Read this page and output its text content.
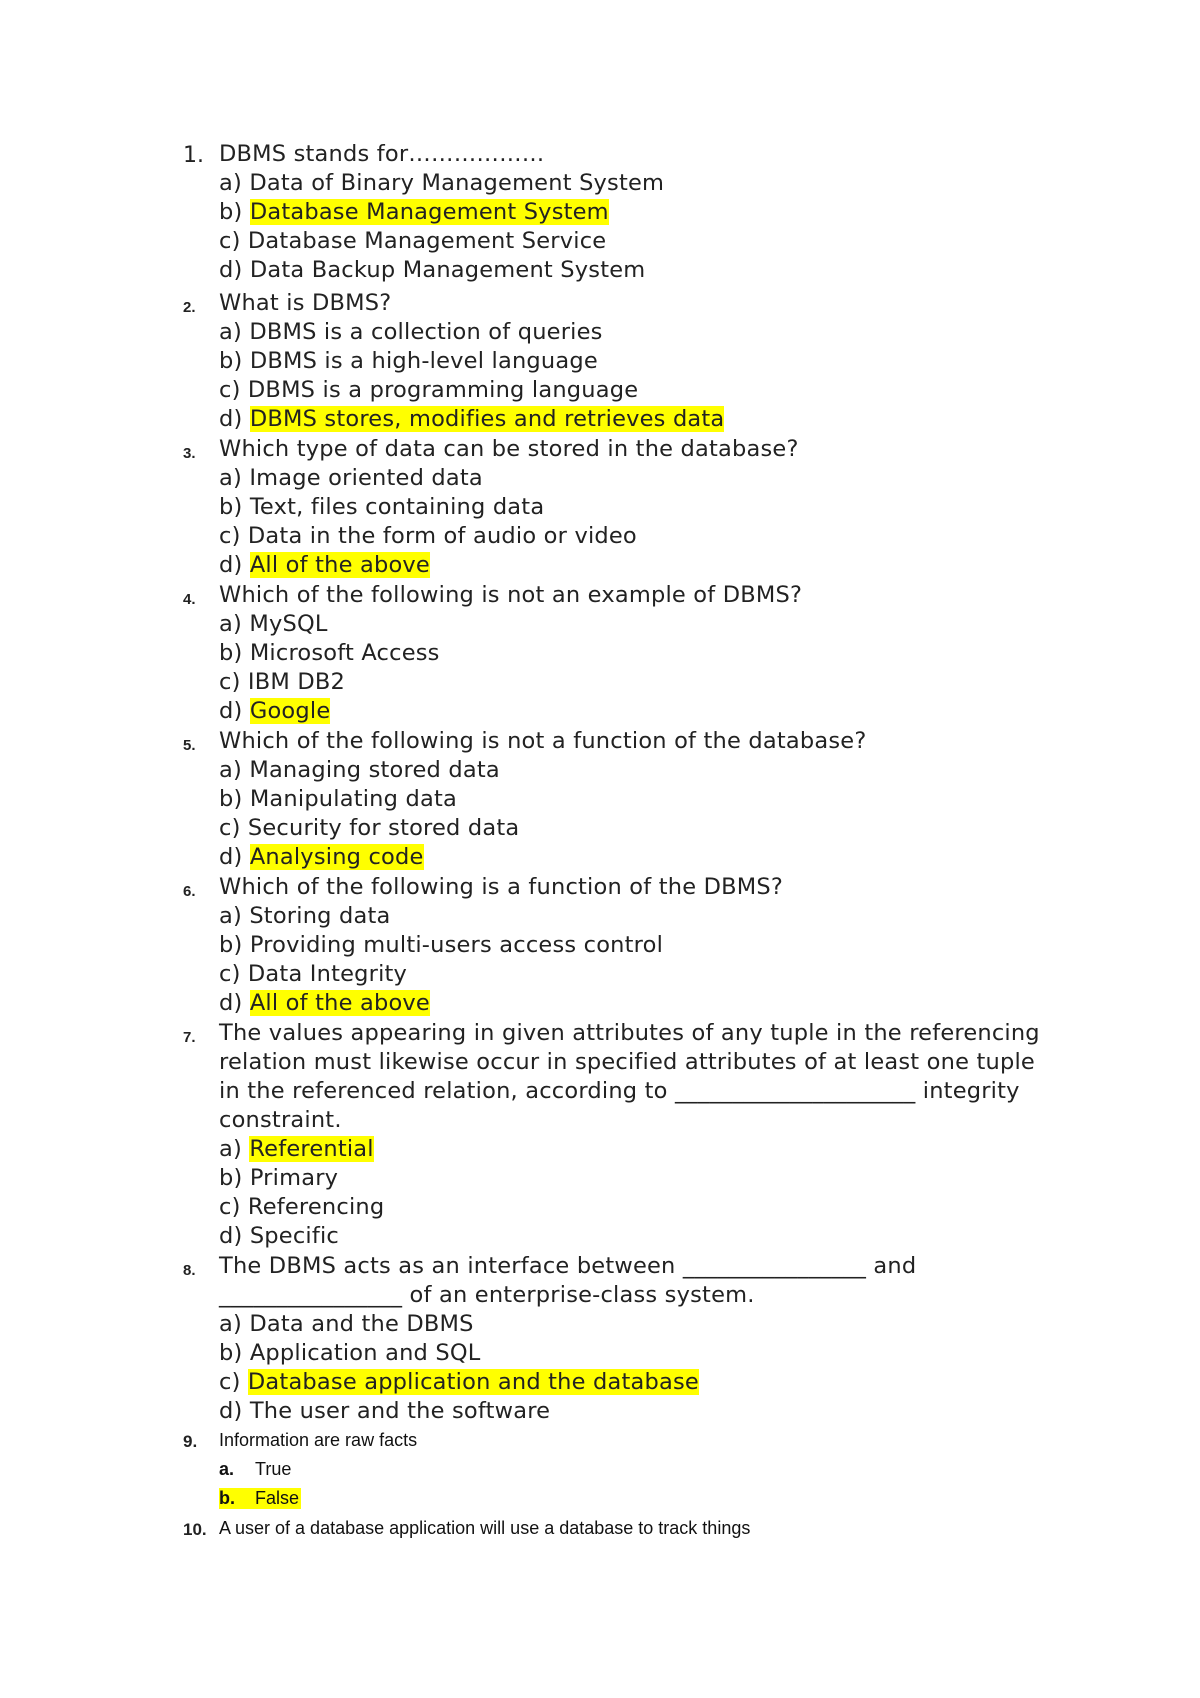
1. DBMS stands for………………
a) Data of Binary Management System
b) Database Management System
c) Database Management Service
d) Data Backup Management System
2.	What is DBMS?
a) DBMS is a collection of queries
b) DBMS is a high-level language
c) DBMS is a programming language
d) DBMS stores, modifies and retrieves data
3.	Which type of data can be stored in the database?
a) Image oriented data
b) Text, files containing data
c) Data in the form of audio or video
d) All of the above
4.	Which of the following is not an example of DBMS?
a) MySQL
b) Microsoft Access
c) IBM DB2
d) Google
5.	Which of the following is not a function of the database?
a) Managing stored data
b) Manipulating data
c) Security for stored data
d) Analysing code
6.	Which of the following is a function of the DBMS?
a) Storing data
b) Providing multi-users access control
c) Data Integrity
d) All of the above
7.	The values appearing in given attributes of any tuple in the referencing
relation must likewise occur in specified attributes of at least one tuple
in the referenced relation, according to _____________________ integrity
constraint.
a) Referential
b) Primary
c) Referencing
d) Specific
8.	The DBMS acts as an interface between ________________ and
________________ of an enterprise-class system.
a) Data and the DBMS
b) Application and SQL
c) Database application and the database
d) The user and the software
9. Information are raw facts
a. True
b. False
10. A user of a database application will use a database to track things
